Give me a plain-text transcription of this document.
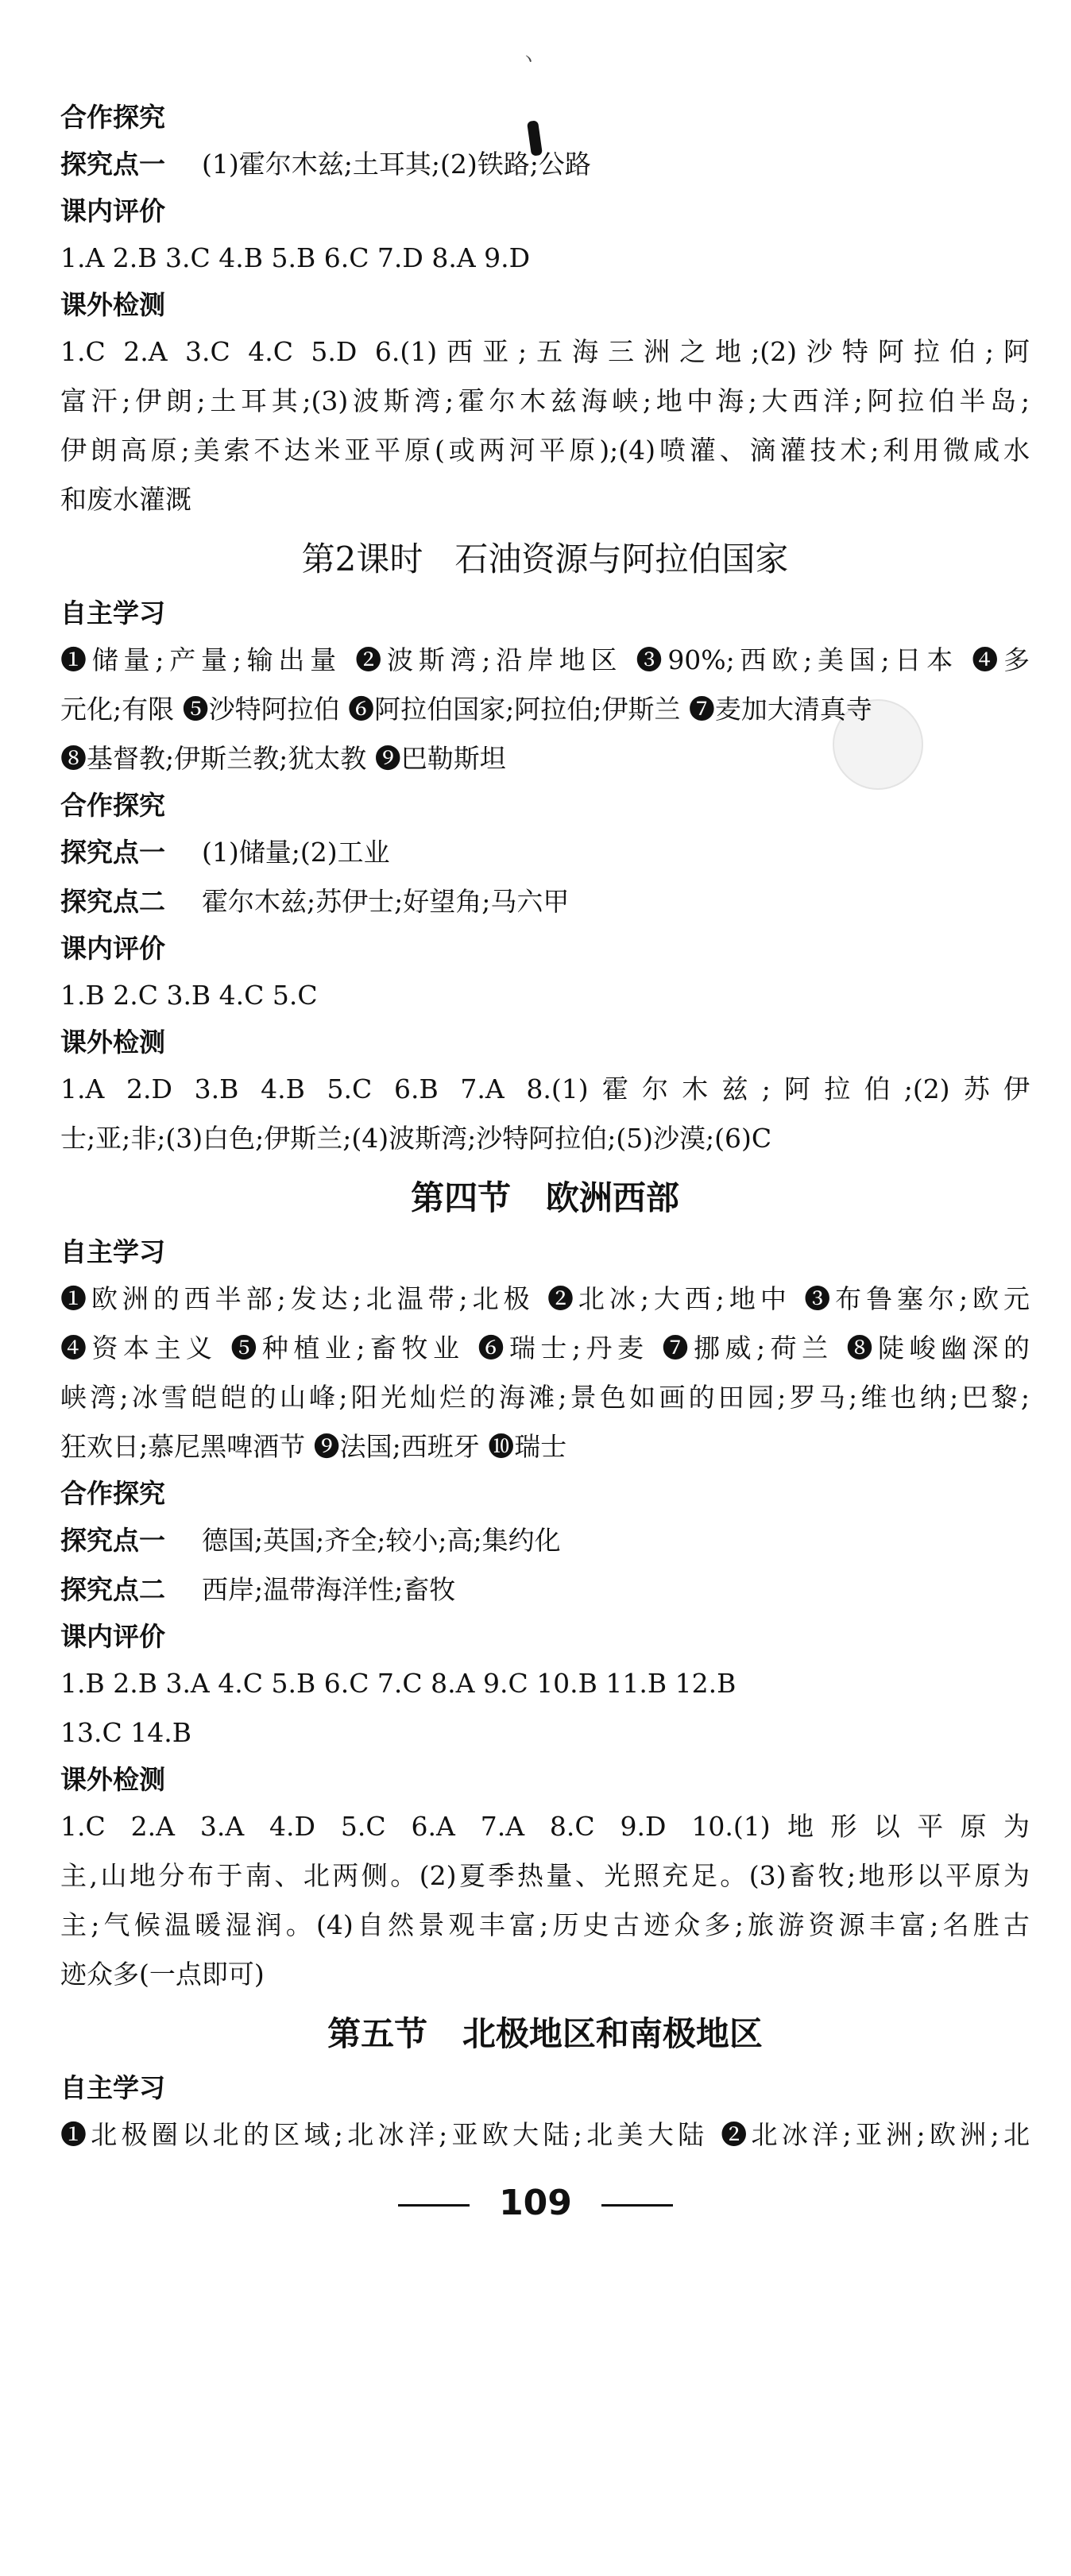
ヽ
合作探究
探究点一 (1)霍尔木兹;土耳其;(2)铁路;公路
课内评价
1.A 2.B 3.C 4.B 5.B 6.C 7.D 8.A 9.D
课外检测
1.C 2.A 3.C 4.C 5.D 6.(1)西亚;五海三洲之地;(2)沙特阿拉伯;阿
富汗;伊朗;土耳其;(3)波斯湾;霍尔木兹海峡;地中海;大西洋;阿拉伯半岛;
伊朗高原;美索不达米亚平原(或两河平原);(4)喷灌、滴灌技术;利用微咸水
和废水灌溉
第2课时   石油资源与阿拉伯国家
自主学习
❶储量;产量;输出量 ❷波斯湾;沿岸地区 ❸90%;西欧;美国;日本 ❹多
元化;有限 ❺沙特阿拉伯 ❻阿拉伯国家;阿拉伯;伊斯兰 ❼麦加大清真寺
❽基督教;伊斯兰教;犹太教 ❾巴勒斯坦
合作探究
探究点一 (1)储量;(2)工业
探究点二 霍尔木兹;苏伊士;好望角;马六甲
课内评价
1.B 2.C 3.B 4.C 5.C
课外检测
1.A 2.D 3.B 4.B 5.C 6.B 7.A 8.(1)霍尔木兹;阿拉伯;(2)苏伊
士;亚;非;(3)白色;伊斯兰;(4)波斯湾;沙特阿拉伯;(5)沙漠;(6)C
第四节   欧洲西部
自主学习
❶欧洲的西半部;发达;北温带;北极 ❷北冰;大西;地中 ❸布鲁塞尔;欧元
❹资本主义 ❺种植业;畜牧业 ❻瑞士;丹麦 ❼挪威;荷兰 ❽陡峻幽深的
峡湾;冰雪皑皑的山峰;阳光灿烂的海滩;景色如画的田园;罗马;维也纳;巴黎;
狂欢日;慕尼黑啤酒节 ❾法国;西班牙 ❿瑞士
合作探究
探究点一 德国;英国;齐全;较小;高;集约化
探究点二 西岸;温带海洋性;畜牧
课内评价
1.B 2.B 3.A 4.C 5.B 6.C 7.C 8.A 9.C 10.B 11.B 12.B
13.C 14.B
课外检测
1.C 2.A 3.A 4.D 5.C 6.A 7.A 8.C 9.D 10.(1)地形以平原为
主,山地分布于南、北两侧。(2)夏季热量、光照充足。(3)畜牧;地形以平原为
主;气候温暖湿润。(4)自然景观丰富;历史古迹众多;旅游资源丰富;名胜古
迹众多(一点即可)
第五节   北极地区和南极地区
自主学习
❶北极圈以北的区域;北冰洋;亚欧大陆;北美大陆 ❷北冰洋;亚洲;欧洲;北
109
